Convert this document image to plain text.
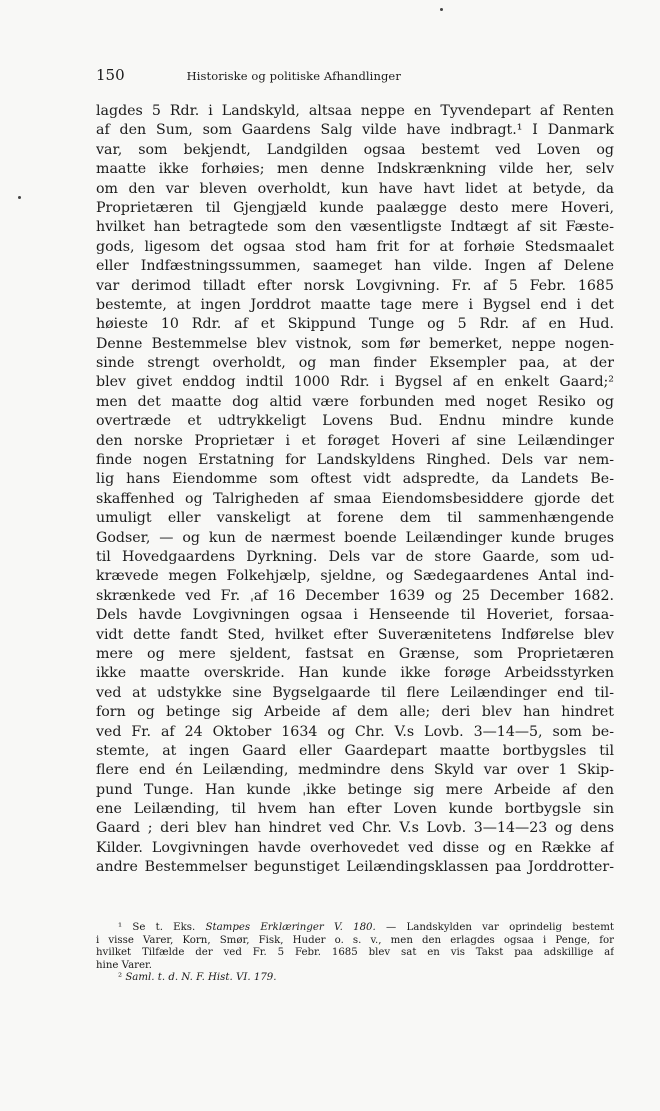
150	Historiske og politiske Afhandlinger
lagdes 5 Rdr. i Landskyld, altsaa neppe en Tyvendepart af Renten
af den Sum, som Gaardens Salg vilde have indbragt.¹ I Danmark
var, som bekjendt, Landgilden ogsaa bestemt ved Loven og
maatte ikke forhøies; men denne Indskrænkning vilde her, selv
om den var bleven overholdt, kun have havt lidet at betyde, da
Proprietæren til Gjengjæld kunde paalægge desto mere Hoveri,
hvilket han betragtede som den væsentligste Indtægt af sit Fæste-
gods, ligesom det ogsaa stod ham frit for at forhøie Stedsmaalet
eller Indfæstningssummen, saameget han vilde. Ingen af Delene
var derimod tilladt efter norsk Lovgivning. Fr. af 5 Febr. 1685
bestemte, at ingen Jorddrot maatte tage mere i Bygsel end i det
høieste 10 Rdr. af et Skippund Tunge og 5 Rdr. af en Hud.
Denne Bestemmelse blev vistnok, som før bemerket, neppe nogen-
sinde strengt overholdt, og man finder Eksempler paa, at der
blev givet enddog indtil 1000 Rdr. i Bygsel af en enkelt Gaard;²
men det maatte dog altid være forbunden med noget Resiko og
overtræde et udtrykkeligt Lovens Bud. Endnu mindre kunde
den norske Proprietær i et forøget Hoveri af sine Leilændinger
finde nogen Erstatning for Landskyldens Ringhed. Dels var nem-
lig hans Eiendomme som oftest vidt adspredte, da Landets Be-
skaffenhed og Talrigheden af smaa Eiendomsbesiddere gjorde det
umuligt eller vanskeligt at forene dem til sammenhængende
Godser, — og kun de nærmest boende Leilændinger kunde bruges
til Hovedgaardens Dyrkning. Dels var de store Gaarde, som ud-
krævede megen Folkehjælp, sjeldne, og Sædegaardenes Antal ind-
skrænkede ved Fr. ˌaf 16 December 1639 og 25 December 1682.
Dels havde Lovgivningen ogsaa i Henseende til Hoveriet, forsaa-
vidt dette fandt Sted, hvilket efter Suverænitetens Indførelse blev
mere og mere sjeldent, fastsat en Grænse, som Proprietæren
ikke maatte overskride. Han kunde ikke forøge Arbeidsstyrken
ved at udstykke sine Bygselgaarde til flere Leilændinger end til-
forn og betinge sig Arbeide af dem alle; deri blev han hindret
ved Fr. af 24 Oktober 1634 og Chr. V.s Lovb. 3—14—5, som be-
stemte, at ingen Gaard eller Gaardepart maatte bortbygsles til
flere end én Leilænding, medmindre dens Skyld var over 1 Skip-
pund Tunge. Han kunde ˌikke betinge sig mere Arbeide af den
ene Leilænding, til hvem han efter Loven kunde bortbygsle sin
Gaard ; deri blev han hindret ved Chr. V.s Lovb. 3—14—23 og dens
Kilder. Lovgivningen havde overhovedet ved disse og en Række af
andre Bestemmelser begunstiget Leilændingsklassen paa Jorddrotter-
¹ Se t. Eks. Stampes Erklæringer V. 180. — Landskylden var oprindelig bestemt
i visse Varer, Korn, Smør, Fisk, Huder o. s. v., men den erlagdes ogsaa i Penge, for
hvilket Tilfælde der ved Fr. 5 Febr. 1685 blev sat en vis Takst paa adskillige af
hine Varer.
² Saml. t. d. N. F. Hist. VI. 179.
